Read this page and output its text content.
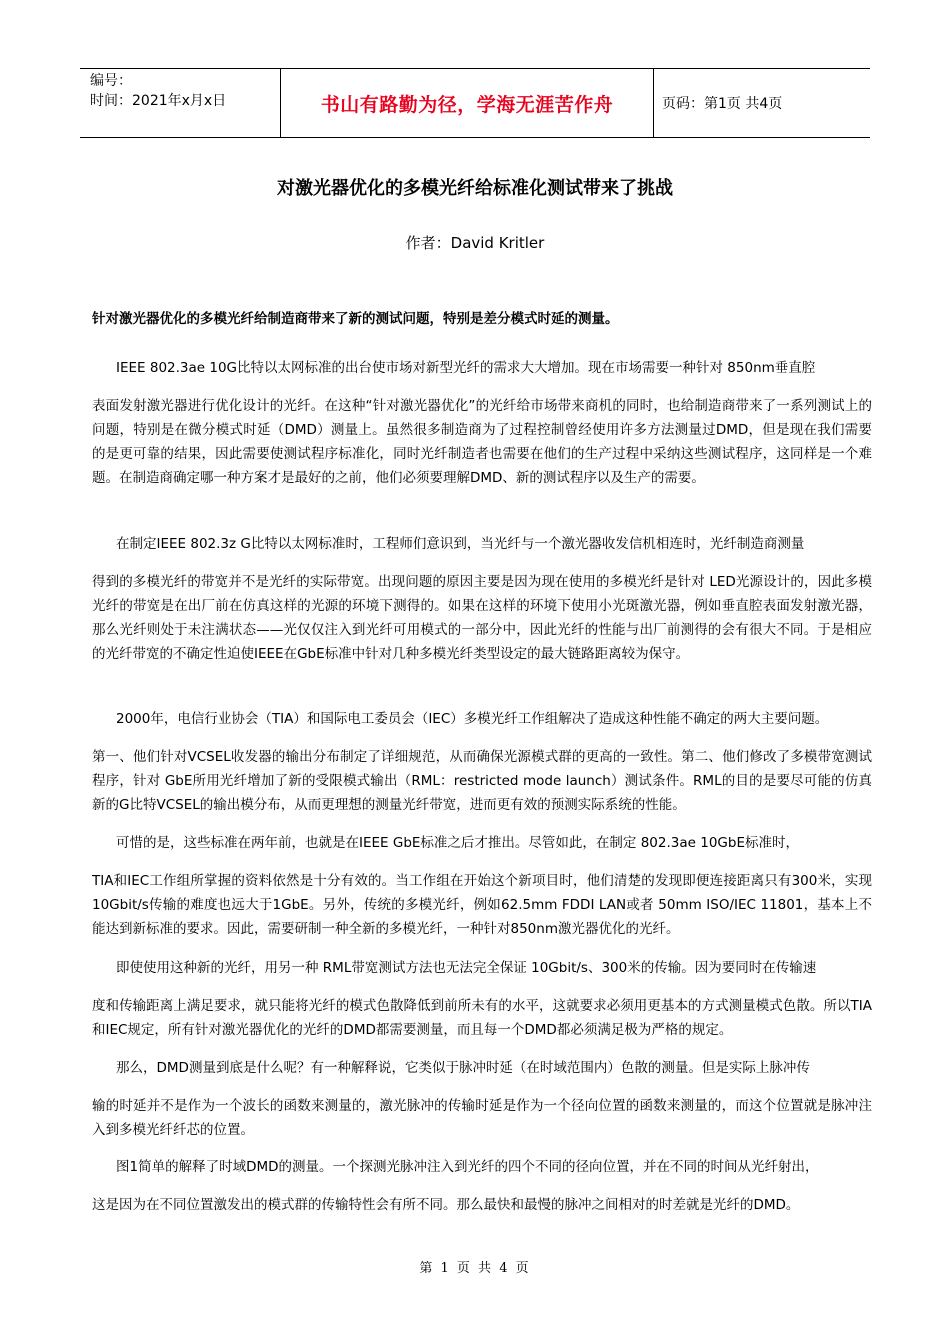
编号：
时间：2021年x月x日	书山有路勤为径，学海无涯苦作舟	页码：第1页 共4页
对激光器优化的多模光纤给标准化测试带来了挑战
作者：David Kritler
针对激光器优化的多模光纤给制造商带来了新的测试问题，特别是差分模式时延的测量。
IEEE 802.3ae 10G比特以太网标准的出台使市场对新型光纤的需求大大增加。现在市场需要一种针对 850nm垂直腔
表面发射激光器进行优化设计的光纤。在这种“针对激光器优化”的光纤给市场带来商机的同时，也给制造商带来了一系列测试上的问题，特别是在微分模式时延（DMD）测量上。虽然很多制造商为了过程控制曾经使用许多方法测量过DMD，但是现在我们需要的是更可靠的结果，因此需要使测试程序标准化，同时光纤制造者也需要在他们的生产过程中采纳这些测试程序，这同样是一个难题。在制造商确定哪一种方案才是最好的之前，他们必须要理解DMD、新的测试程序以及生产的需要。
在制定IEEE 802.3z G比特以太网标准时，工程师们意识到，当光纤与一个激光器收发信机相连时，光纤制造商测量
得到的多模光纤的带宽并不是光纤的实际带宽。出现问题的原因主要是因为现在使用的多模光纤是针对 LED光源设计的，因此多模光纤的带宽是在出厂前在仿真这样的光源的环境下测得的。如果在这样的环境下使用小光斑激光器，例如垂直腔表面发射激光器，那么光纤则处于未注满状态——光仅仅注入到光纤可用模式的一部分中，因此光纤的性能与出厂前测得的会有很大不同。于是相应的光纤带宽的不确定性迫使IEEE在GbE标准中针对几种多模光纤类型设定的最大链路距离较为保守。
2000年，电信行业协会（TIA）和国际电工委员会（IEC）多模光纤工作组解决了造成这种性能不确定的两大主要问题。
第一、他们针对VCSEL收发器的输出分布制定了详细规范，从而确保光源模式群的更高的一致性。第二、他们修改了多模带宽测试程序，针对 GbE所用光纤增加了新的受限模式输出（RML：restricted mode launch）测试条件。RML的目的是要尽可能的仿真新的G比特VCSEL的输出模分布，从而更理想的测量光纤带宽，进而更有效的预测实际系统的性能。
可惜的是，这些标准在两年前，也就是在IEEE GbE标准之后才推出。尽管如此，在制定 802.3ae 10GbE标准时，
TIA和IEC工作组所掌握的资料依然是十分有效的。当工作组在开始这个新项目时，他们清楚的发现即便连接距离只有300米，实现 10Gbit/s传输的难度也远大于1GbE。另外，传统的多模光纤，例如62.5mm FDDI LAN或者 50mm ISO/IEC 11801，基本上不能达到新标准的要求。因此，需要研制一种全新的多模光纤，一种针对850nm激光器优化的光纤。
即使使用这种新的光纤，用另一种 RML带宽测试方法也无法完全保证 10Gbit/s、300米的传输。因为要同时在传输速
度和传输距离上满足要求，就只能将光纤的模式色散降低到前所未有的水平，这就要求必须用更基本的方式测量模式色散。所以TIA和IEC规定，所有针对激光器优化的光纤的DMD都需要测量，而且每一个DMD都必须满足极为严格的规定。
那么，DMD测量到底是什么呢？有一种解释说，它类似于脉冲时延（在时域范围内）色散的测量。但是实际上脉冲传
输的时延并不是作为一个波长的函数来测量的，激光脉冲的传输时延是作为一个径向位置的函数来测量的，而这个位置就是脉冲注入到多模光纤纤芯的位置。
图1简单的解释了时域DMD的测量。一个探测光脉冲注入到光纤的四个不同的径向位置，并在不同的时间从光纤射出，
这是因为在不同位置激发出的模式群的传输特性会有所不同。那么最快和最慢的脉冲之间相对的时差就是光纤的DMD。
第 1 页 共 4 页
